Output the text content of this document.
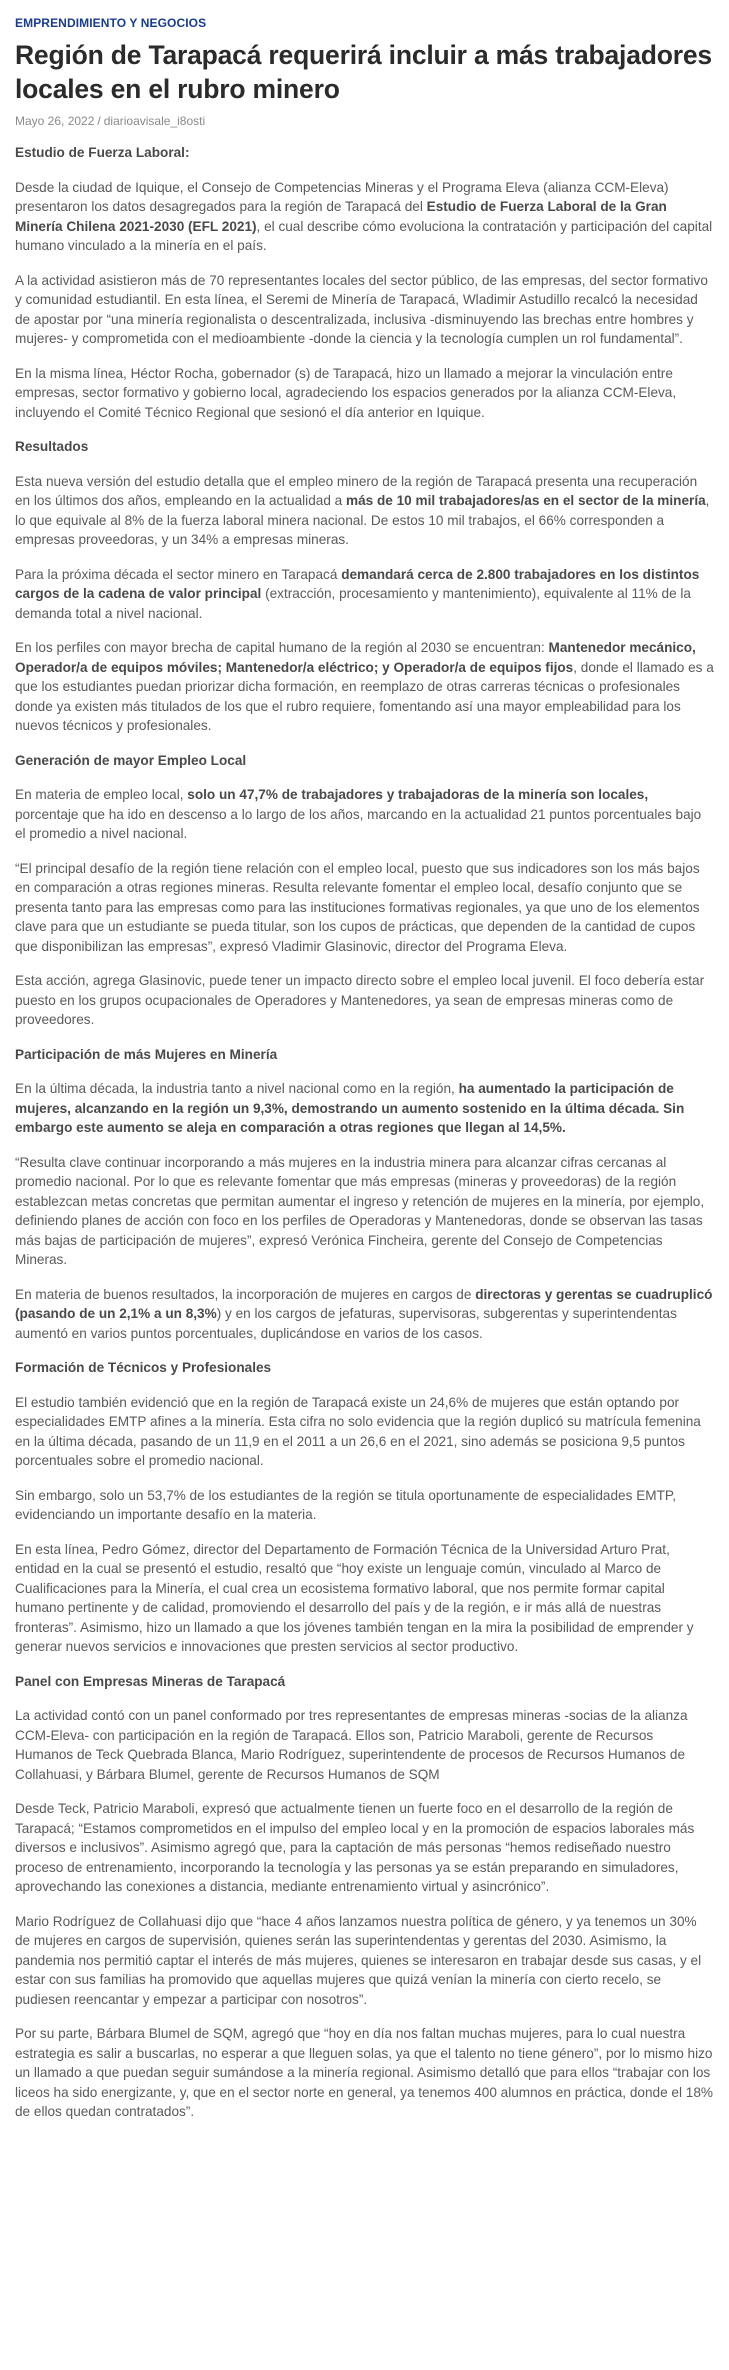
EMPRENDIMIENTO Y NEGOCIOS
Región de Tarapacá requerirá incluir a más trabajadores locales en el rubro minero
Mayo 26, 2022 / diarioavisale_i8osti
Estudio de Fuerza Laboral:

Desde la ciudad de Iquique, el Consejo de Competencias Mineras y el Programa Eleva (alianza CCM-Eleva) presentaron los datos desagregados para la región de Tarapacá del Estudio de Fuerza Laboral de la Gran Minería Chilena 2021-2030 (EFL 2021), el cual describe cómo evoluciona la contratación y participación del capital humano vinculado a la minería en el país.

A la actividad asistieron más de 70 representantes locales del sector público, de las empresas, del sector formativo y comunidad estudiantil. En esta línea, el Seremi de Minería de Tarapacá, Wladimir Astudillo recalcó la necesidad de apostar por “una minería regionalista o descentralizada, inclusiva -disminuyendo las brechas entre hombres y mujeres- y comprometida con el medioambiente -donde la ciencia y la tecnología cumplen un rol fundamental”.

En la misma línea, Héctor Rocha, gobernador (s) de Tarapacá, hizo un llamado a mejorar la vinculación entre empresas, sector formativo y gobierno local, agradeciendo los espacios generados por la alianza CCM-Eleva, incluyendo el Comité Técnico Regional que sesionó el día anterior en Iquique.

Resultados

Esta nueva versión del estudio detalla que el empleo minero de la región de Tarapacá presenta una recuperación en los últimos dos años, empleando en la actualidad a más de 10 mil trabajadores/as en el sector de la minería, lo que equivale al 8% de la fuerza laboral minera nacional. De estos 10 mil trabajos, el 66% corresponden a empresas proveedoras, y un 34% a empresas mineras.

Para la próxima década el sector minero en Tarapacá demandará cerca de 2.800 trabajadores en los distintos cargos de la cadena de valor principal (extracción, procesamiento y mantenimiento), equivalente al 11% de la demanda total a nivel nacional.

En los perfiles con mayor brecha de capital humano de la región al 2030 se encuentran: Mantenedor mecánico, Operador/a de equipos móviles; Mantenedor/a eléctrico; y Operador/a de equipos fijos, donde el llamado es a que los estudiantes puedan priorizar dicha formación, en reemplazo de otras carreras técnicas o profesionales donde ya existen más titulados de los que el rubro requiere, fomentando así una mayor empleabilidad para los nuevos técnicos y profesionales.

Generación de mayor Empleo Local

En materia de empleo local, solo un 47,7% de trabajadores y trabajadoras de la minería son locales, porcentaje que ha ido en descenso a lo largo de los años, marcando en la actualidad 21 puntos porcentuales bajo el promedio a nivel nacional.

“El principal desafío de la región tiene relación con el empleo local, puesto que sus indicadores son los más bajos en comparación a otras regiones mineras. Resulta relevante fomentar el empleo local, desafío conjunto que se presenta tanto para las empresas como para las instituciones formativas regionales, ya que uno de los elementos clave para que un estudiante se pueda titular, son los cupos de prácticas, que dependen de la cantidad de cupos que disponibilizan las empresas”, expresó Vladimir Glasinovic, director del Programa Eleva.

Esta acción, agrega Glasinovic, puede tener un impacto directo sobre el empleo local juvenil. El foco debería estar puesto en los grupos ocupacionales de Operadores y Mantenedores, ya sean de empresas mineras como de proveedores.

Participación de más Mujeres en Minería

En la última década, la industria tanto a nivel nacional como en la región, ha aumentado la participación de mujeres, alcanzando en la región un 9,3%, demostrando un aumento sostenido en la última década. Sin embargo este aumento se aleja en comparación a otras regiones que llegan al 14,5%.

“Resulta clave continuar incorporando a más mujeres en la industria minera para alcanzar cifras cercanas al promedio nacional. Por lo que es relevante fomentar que más empresas (mineras y proveedoras) de la región establezcan metas concretas que permitan aumentar el ingreso y retención de mujeres en la minería, por ejemplo, definiendo planes de acción con foco en los perfiles de Operadoras y Mantenedoras, donde se observan las tasas más bajas de participación de mujeres”, expresó Verónica Fincheira, gerente del Consejo de Competencias Mineras.

En materia de buenos resultados, la incorporación de mujeres en cargos de directoras y gerentas se cuadruplicó (pasando de un 2,1% a un 8,3%) y en los cargos de jefaturas, supervisoras, subgerentas y superintendentas aumentó en varios puntos porcentuales, duplicándose en varios de los casos.

Formación de Técnicos y Profesionales

El estudio también evidenció que en la región de Tarapacá existe un 24,6% de mujeres que están optando por especialidades EMTP afines a la minería. Esta cifra no solo evidencia que la región duplicó su matrícula femenina en la última década, pasando de un 11,9 en el 2011 a un 26,6 en el 2021, sino además se posiciona 9,5 puntos porcentuales sobre el promedio nacional.

Sin embargo, solo un 53,7% de los estudiantes de la región se titula oportunamente de especialidades EMTP, evidenciando un importante desafío en la materia.

En esta línea, Pedro Gómez, director del Departamento de Formación Técnica de la Universidad Arturo Prat, entidad en la cual se presentó el estudio, resaltó que “hoy existe un lenguaje común, vinculado al Marco de Cualificaciones para la Minería, el cual crea un ecosistema formativo laboral, que nos permite formar capital humano pertinente y de calidad, promoviendo el desarrollo del país y de la región, e ir más allá de nuestras fronteras”. Asimismo, hizo un llamado a que los jóvenes también tengan en la mira la posibilidad de emprender y generar nuevos servicios e innovaciones que presten servicios al sector productivo.

Panel con Empresas Mineras de Tarapacá

La actividad contó con un panel conformado por tres representantes de empresas mineras -socias de la alianza CCM-Eleva- con participación en la región de Tarapacá. Ellos son, Patricio Maraboli, gerente de Recursos Humanos de Teck Quebrada Blanca, Mario Rodríguez, superintendente de procesos de Recursos Humanos de Collahuasi, y Bárbara Blumel, gerente de Recursos Humanos de SQM

Desde Teck, Patricio Maraboli, expresó que actualmente tienen un fuerte foco en el desarrollo de la región de Tarapacá; “Estamos comprometidos en el impulso del empleo local y en la promoción de espacios laborales más diversos e inclusivos”. Asimismo agregó que, para la captación de más personas “hemos rediseñado nuestro proceso de entrenamiento, incorporando la tecnología y las personas ya se están preparando en simuladores, aprovechando las conexiones a distancia, mediante entrenamiento virtual y asincrónico”.

Mario Rodríguez de Collahuasi dijo que “hace 4 años lanzamos nuestra política de género, y ya tenemos un 30% de mujeres en cargos de supervisión, quienes serán las superintendentas y gerentas del 2030. Asimismo, la pandemia nos permitió captar el interés de más mujeres, quienes se interesaron en trabajar desde sus casas, y el estar con sus familias ha promovido que aquellas mujeres que quizá venían la minería con cierto recelo, se pudiesen reencantar y empezar a participar con nosotros”.

Por su parte, Bárbara Blumel de SQM, agregó que “hoy en día nos faltan muchas mujeres, para lo cual nuestra estrategia es salir a buscarlas, no esperar a que lleguen solas, ya que el talento no tiene género”, por lo mismo hizo un llamado a que puedan seguir sumándose a la minería regional. Asimismo detalló que para ellos “trabajar con los liceos ha sido energizante, y, que en el sector norte en general, ya tenemos 400 alumnos en práctica, donde el 18% de ellos quedan contratados”.
